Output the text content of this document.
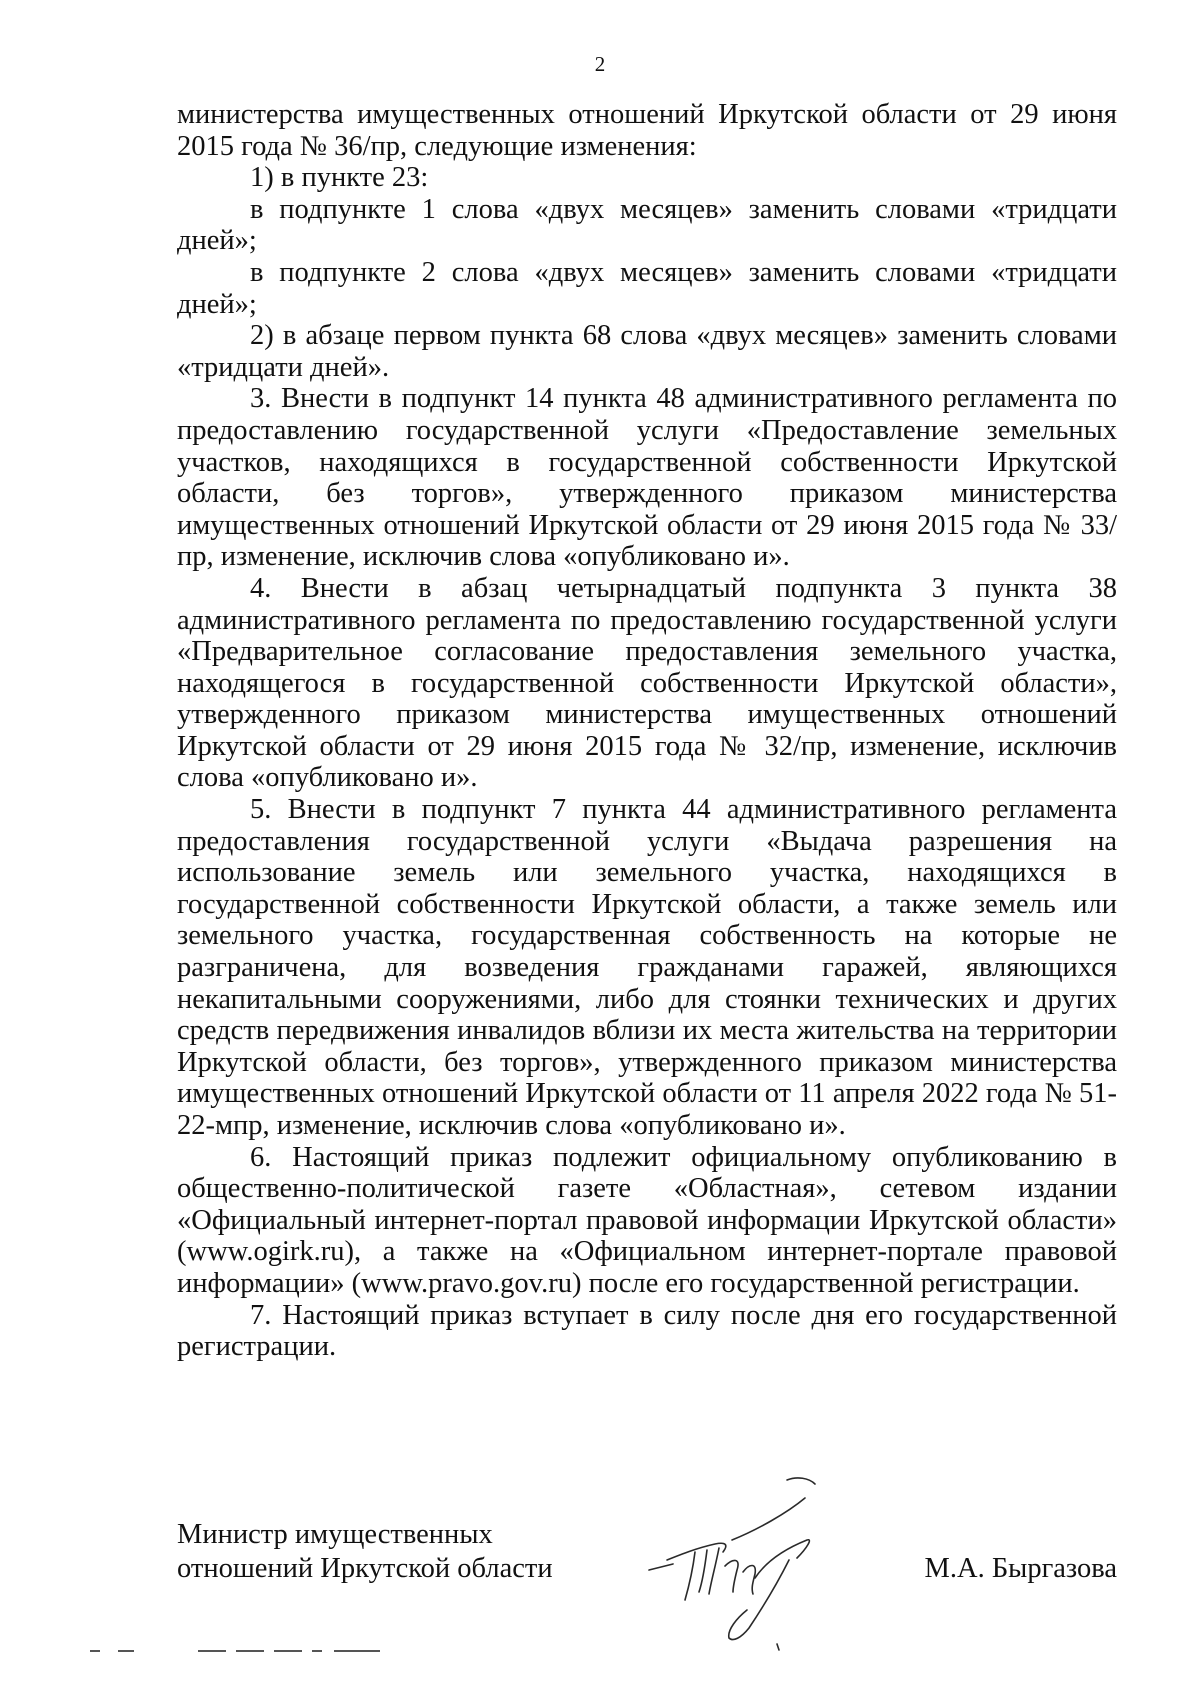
2

министерства имущественных отношений Иркутской области от 29 июня 2015 года № 36/пр, следующие изменения:

1) в пункте 23:

в подпункте 1 слова «двух месяцев» заменить словами «тридцати дней»;

в подпункте 2 слова «двух месяцев» заменить словами «тридцати дней»;

2) в абзаце первом пункта 68 слова «двух месяцев» заменить словами «тридцати дней».

3. Внести в подпункт 14 пункта 48 административного регламента по предоставлению государственной услуги «Предоставление земельных участков, находящихся в государственной собственности Иркутской области, без торгов», утвержденного приказом министерства имущественных отношений Иркутской области от 29 июня 2015 года № 33/пр, изменение, исключив слова «опубликовано и».

4. Внести в абзац четырнадцатый подпункта 3 пункта 38 административного регламента по предоставлению государственной услуги «Предварительное согласование предоставления земельного участка, находящегося в государственной собственности Иркутской области», утвержденного приказом министерства имущественных отношений Иркутской области от 29 июня 2015 года № 32/пр, изменение, исключив слова «опубликовано и».

5. Внести в подпункт 7 пункта 44 административного регламента предоставления государственной услуги «Выдача разрешения на использование земель или земельного участка, находящихся в государственной собственности Иркутской области, а также земель или земельного участка, государственная собственность на которые не разграничена, для возведения гражданами гаражей, являющихся некапитальными сооружениями, либо для стоянки технических и других средств передвижения инвалидов вблизи их места жительства на территории Иркутской области, без торгов», утвержденного приказом министерства имущественных отношений Иркутской области от 11 апреля 2022 года № 51-22-мпр, изменение, исключив слова «опубликовано и».

6. Настоящий приказ подлежит официальному опубликованию в общественно-политической газете «Областная», сетевом издании «Официальный интернет-портал правовой информации Иркутской области» (www.ogirk.ru), а также на «Официальном интернет-портале правовой информации» (www.pravo.gov.ru) после его государственной регистрации.

7. Настоящий приказ вступает в силу после дня его государственной регистрации.

Министр имущественных
отношений Иркутской области	М.А. Быргазова
